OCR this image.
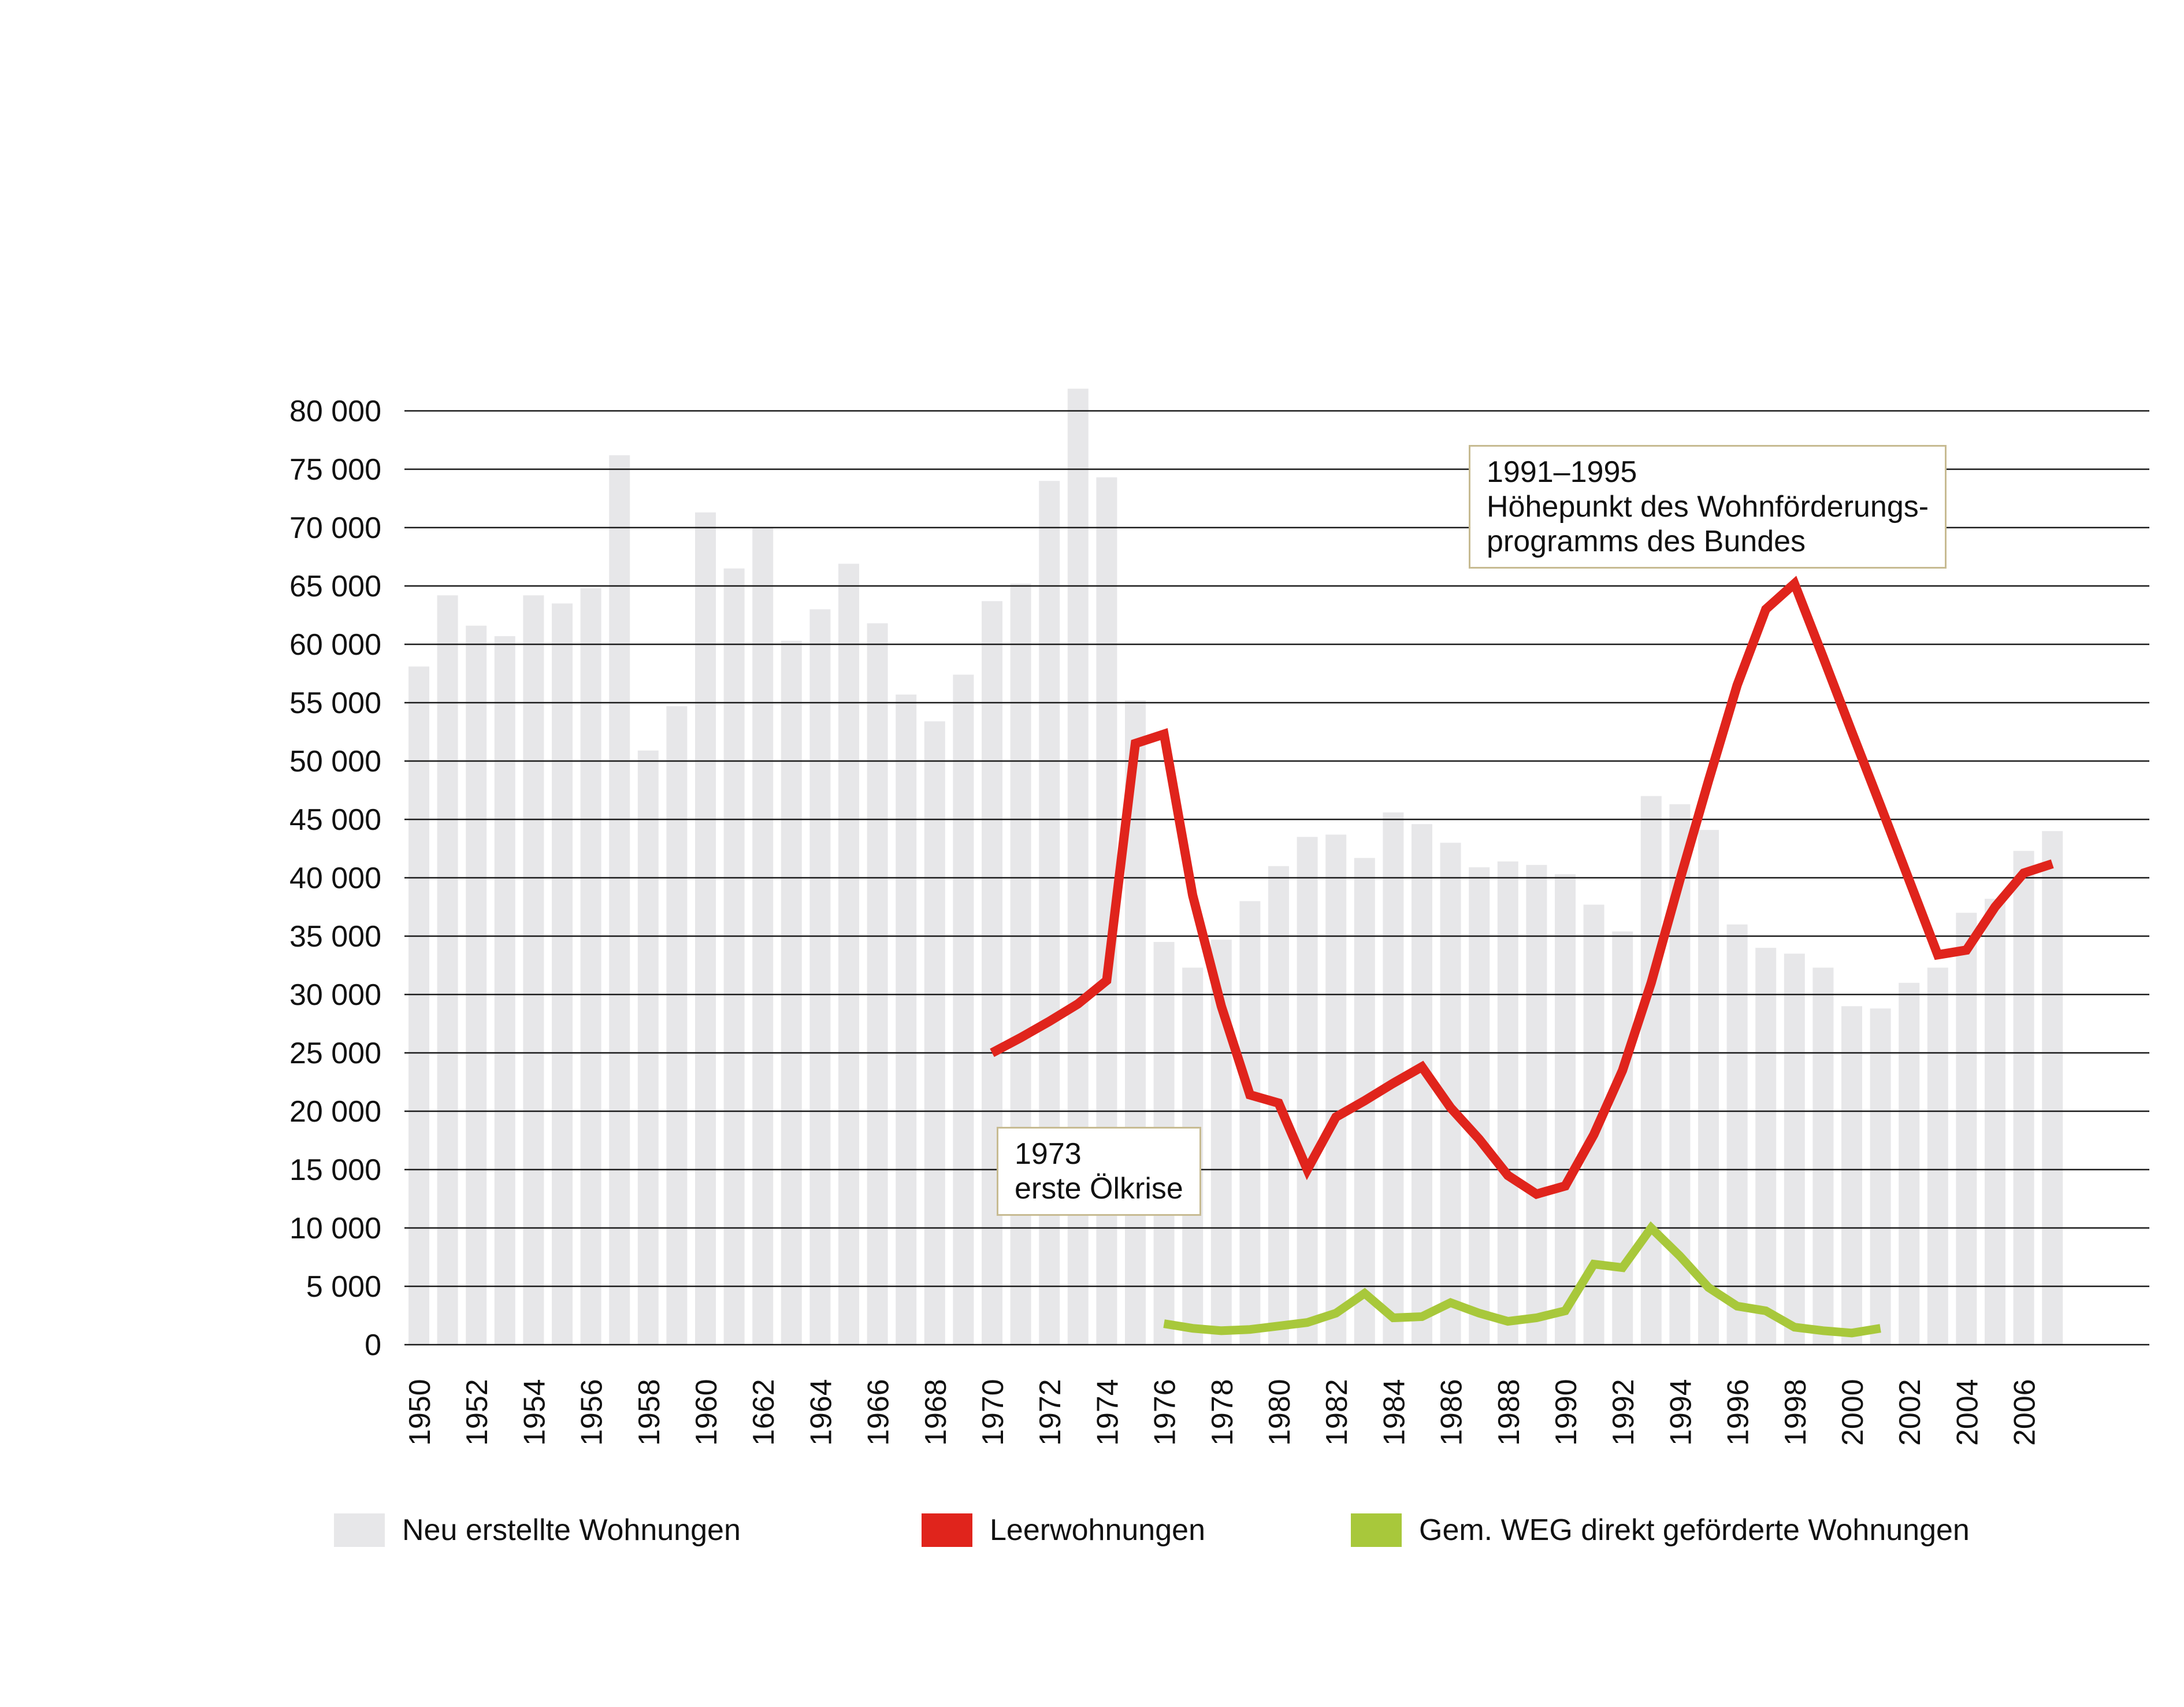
0
5 000
10 000
15 000
20 000
25 000
30 000
35 000
40 000
45 000
50 000
55 000
60 000
65 000
70 000
75 000
80 000
1950 1952 1954 1956 1958 1960 1662 1964 1966 1968 1970 1972 1974 1976 1978 1980 1982 1984 1986 1988 1990 1992 1994 1996 1998 2000 2002 2004 2006
1973
erste Ölkrise
1991–1995
Höhepunkt des Wohnförderungs-
programms des Bundes
Neu erstellte Wohnungen	Leerwohnungen	Gem. WEG direkt geförderte Wohnungen
